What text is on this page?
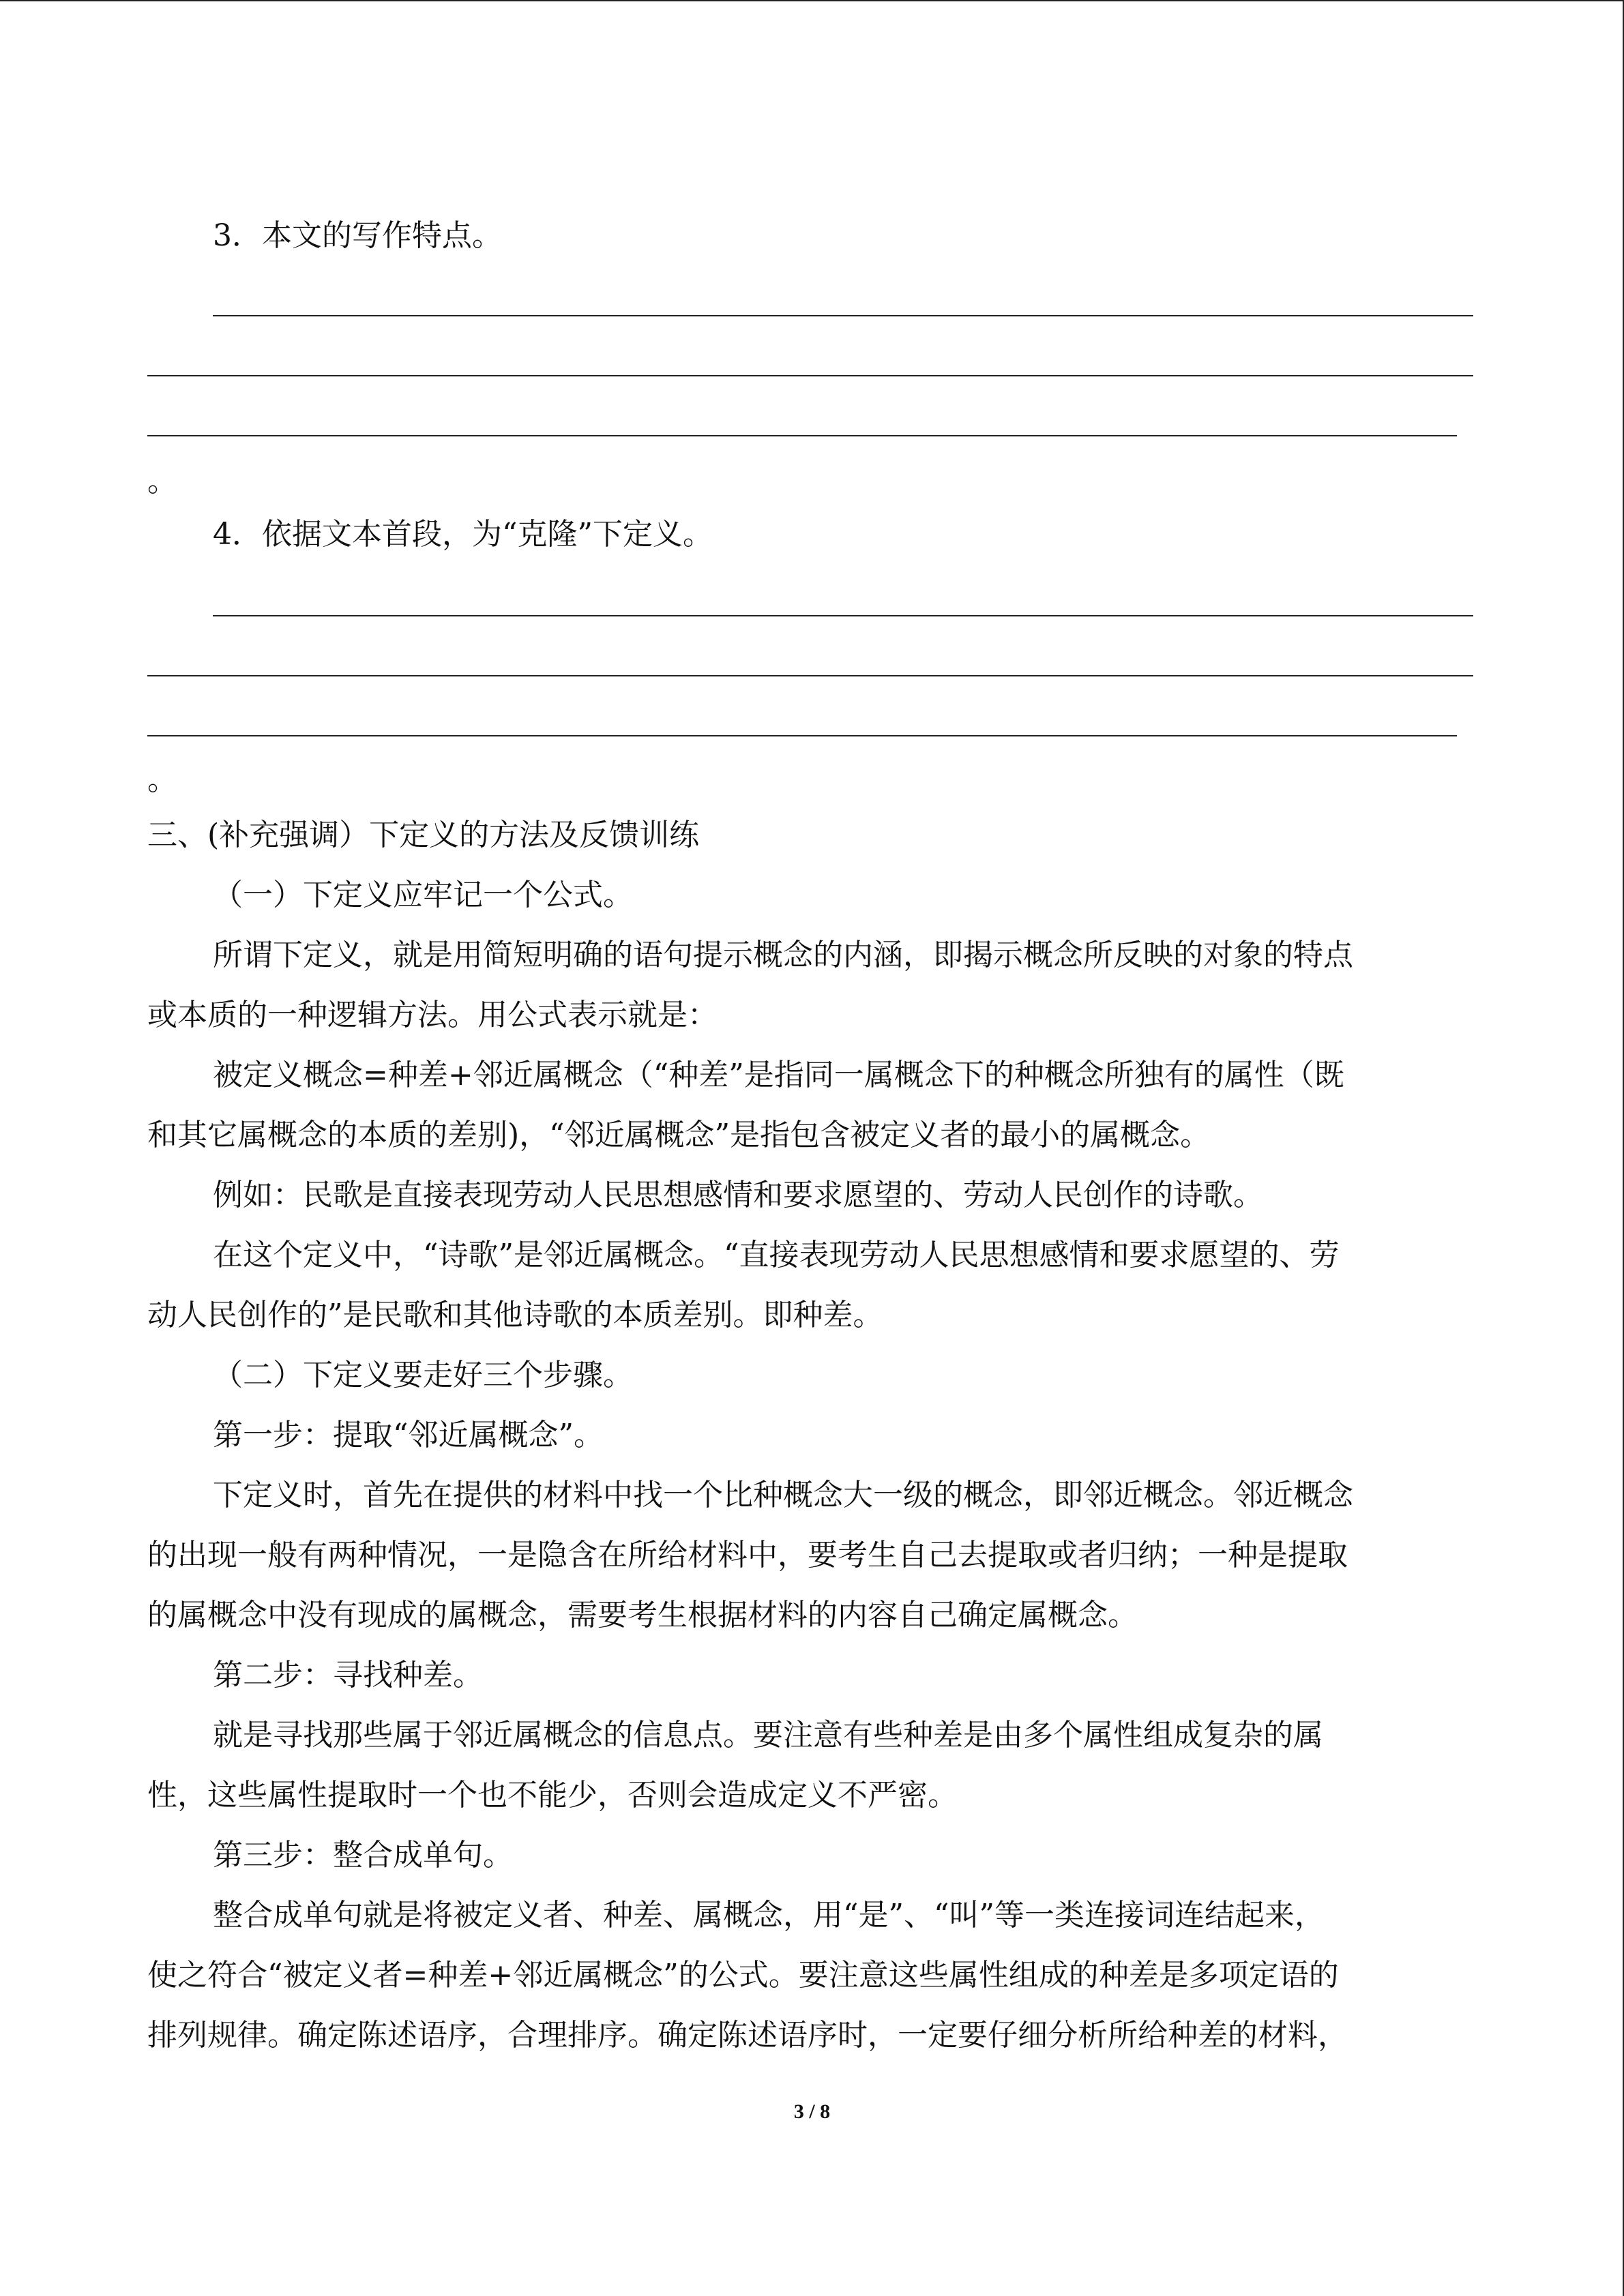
3．本文的写作特点。
。
4．依据文本首段，为“克隆”下定义。
。
三、(补充强调）下定义的方法及反馈训练
（一）下定义应牢记一个公式。
所谓下定义，就是用简短明确的语句提示概念的内涵，即揭示概念所反映的对象的特点
或本质的一种逻辑方法。用公式表示就是：
被定义概念=种差+邻近属概念（“种差”是指同一属概念下的种概念所独有的属性（既
和其它属概念的本质的差别)，“邻近属概念”是指包含被定义者的最小的属概念。
例如：民歌是直接表现劳动人民思想感情和要求愿望的、劳动人民创作的诗歌。
在这个定义中，“诗歌”是邻近属概念。“直接表现劳动人民思想感情和要求愿望的、劳
动人民创作的”是民歌和其他诗歌的本质差别。即种差。
（二）下定义要走好三个步骤。
第一步：提取“邻近属概念”。
下定义时，首先在提供的材料中找一个比种概念大一级的概念，即邻近概念。邻近概念
的出现一般有两种情况，一是隐含在所给材料中，要考生自己去提取或者归纳；一种是提取
的属概念中没有现成的属概念，需要考生根据材料的内容自己确定属概念。
第二步：寻找种差。
就是寻找那些属于邻近属概念的信息点。要注意有些种差是由多个属性组成复杂的属
性，这些属性提取时一个也不能少，否则会造成定义不严密。
第三步：整合成单句。
整合成单句就是将被定义者、种差、属概念，用“是”、“叫”等一类连接词连结起来，
使之符合“被定义者=种差+邻近属概念”的公式。要注意这些属性组成的种差是多项定语的
排列规律。确定陈述语序，合理排序。确定陈述语序时，一定要仔细分析所给种差的材料，
3 / 8
